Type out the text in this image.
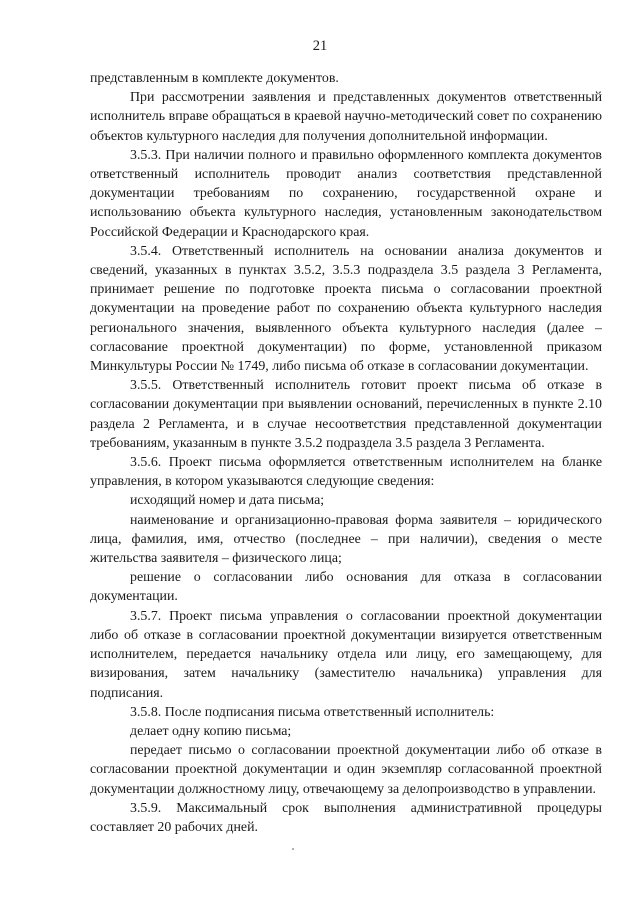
21

представленным в комплекте документов.

При рассмотрении заявления и представленных документов ответственный исполнитель вправе обращаться в краевой научно-методический совет по сохранению объектов культурного наследия для получения дополнительной информации.

3.5.3. При наличии полного и правильно оформленного комплекта документов ответственный исполнитель проводит анализ соответствия представленной документации требованиям по сохранению, государственной охране и использованию объекта культурного наследия, установленным законодательством Российской Федерации и Краснодарского края.

3.5.4. Ответственный исполнитель на основании анализа документов и сведений, указанных в пунктах 3.5.2, 3.5.3 подраздела 3.5 раздела 3 Регламента, принимает решение по подготовке проекта письма о согласовании проектной документации на проведение работ по сохранению объекта культурного наследия регионального значения, выявленного объекта культурного наследия (далее – согласование проектной документации) по форме, установленной приказом Минкультуры России № 1749, либо письма об отказе в согласовании документации.

3.5.5. Ответственный исполнитель готовит проект письма об отказе в согласовании документации при выявлении оснований, перечисленных в пункте 2.10 раздела 2 Регламента, и в случае несоответствия представленной документации требованиям, указанным в пункте 3.5.2 подраздела 3.5 раздела 3 Регламента.

3.5.6. Проект письма оформляется ответственным исполнителем на бланке управления, в котором указываются следующие сведения:

исходящий номер и дата письма;

наименование и организационно-правовая форма заявителя – юридического лица, фамилия, имя, отчество (последнее – при наличии), сведения о месте жительства заявителя – физического лица;

решение о согласовании либо основания для отказа в согласовании документации.

3.5.7. Проект письма управления о согласовании проектной документации либо об отказе в согласовании проектной документации визируется ответственным исполнителем, передается начальнику отдела или лицу, его замещающему, для визирования, затем начальнику (заместителю начальника) управления для подписания.

3.5.8. После подписания письма ответственный исполнитель:

делает одну копию письма;

передает письмо о согласовании проектной документации либо об отказе в согласовании проектной документации и один экземпляр согласованной проектной документации должностному лицу, отвечающему за делопроизводство в управлении.

3.5.9. Максимальный срок выполнения административной процедуры составляет 20 рабочих дней.
